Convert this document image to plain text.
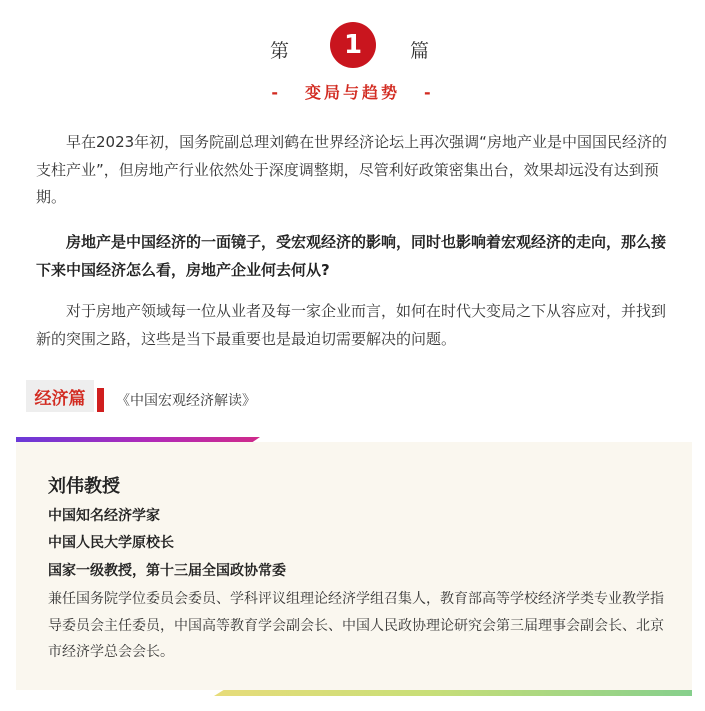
第	1	篇
- 变局与趋势 -

早在2023年初，国务院副总理刘鹤在世界经济论坛上再次强调“房地产业是中国国民经济的支柱产业”，但房地产行业依然处于深度调整期，尽管利好政策密集出台，效果却远没有达到预期。

房地产是中国经济的一面镜子，受宏观经济的影响，同时也影响着宏观经济的走向，那么接下来中国经济怎么看，房地产企业何去何从?

对于房地产领域每一位从业者及每一家企业而言，如何在时代大变局之下从容应对，并找到新的突围之路，这些是当下最重要也是最迫切需要解决的问题。

经济篇	《中国宏观经济解读》
刘伟教授
中国知名经济学家
中国人民大学原校长
国家一级教授，第十三届全国政协常委

兼任国务院学位委员会委员、学科评议组理论经济学组召集人，教育部高等学校经济学类专业教学指导委员会主任委员，中国高等教育学会副会长、中国人民政协理论研究会第三届理事会副会长、北京市经济学总会会长。
